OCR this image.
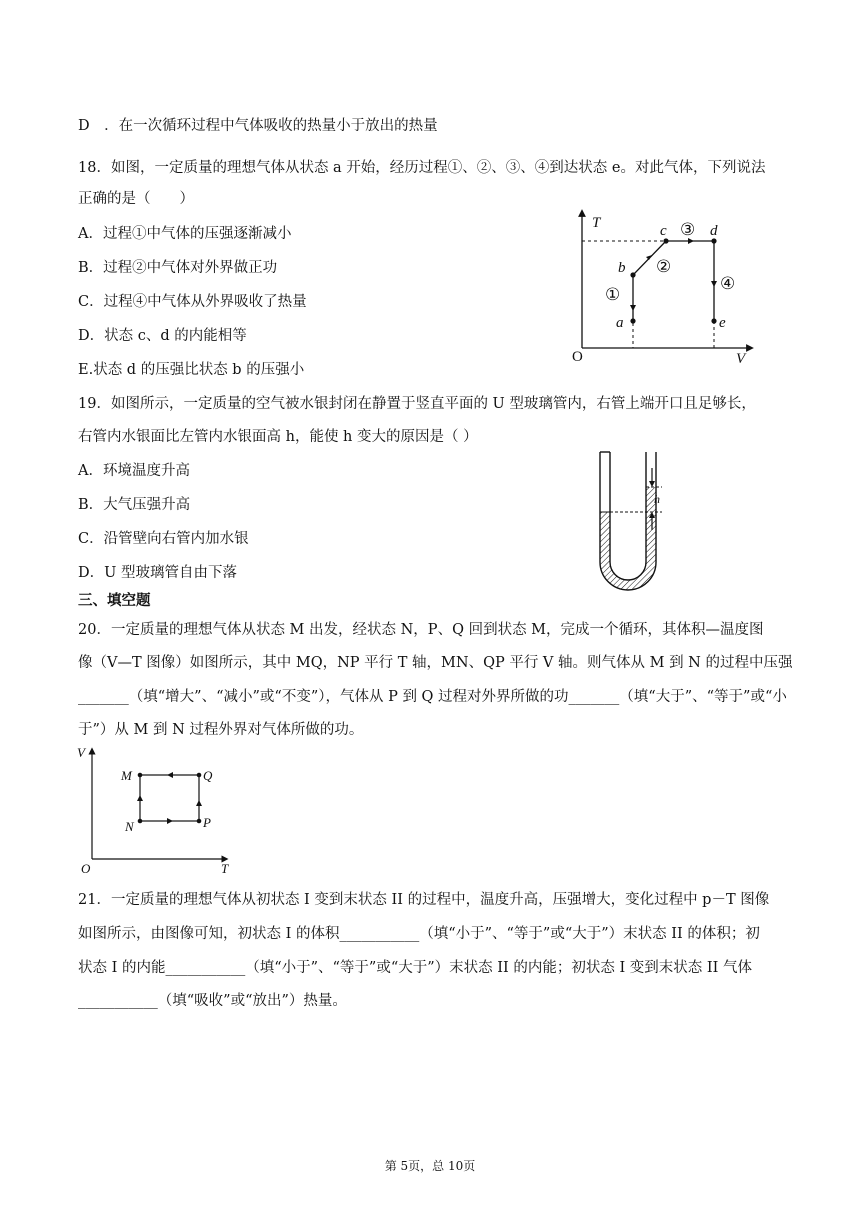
D　．在一次循环过程中气体吸收的热量小于放出的热量
18．如图，一定质量的理想气体从状态 a 开始，经历过程①、②、③、④到达状态 e。对此气体，下列说法
正确的是（　　）
A．过程①中气体的压强逐渐减小
B．过程②中气体对外界做正功
C．过程④中气体从外界吸收了热量
D．状态 c、d 的内能相等
E.状态 d 的压强比状态 b 的压强小
19．如图所示，一定质量的空气被水银封闭在静置于竖直平面的 U 型玻璃管内，右管上端开口且足够长，
右管内水银面比左管内水银面高 h，能使 h 变大的原因是（ ）
A．环境温度升高
B．大气压强升高
C．沿管壁向右管内加水银
D．U 型玻璃管自由下落
三、填空题
20．一定质量的理想气体从状态 M 出发，经状态 N，P、Q 回到状态 M，完成一个循环，其体积—温度图
像（V—T 图像）如图所示，其中 MQ，NP 平行 T 轴，MN、QP 平行 V 轴。则气体从 M 到 N 的过程中压强
_______（填“增大”、“减小”或“不变”），气体从 P 到 Q 过程对外界所做的功_______（填“大于”、“等于”或“小
于”）从 M 到 N 过程外界对气体所做的功。
21．一定质量的理想气体从初状态 I 变到末状态 II 的过程中，温度升高，压强增大，变化过程中 p－T 图像
如图所示，由图像可知，初状态 I 的体积___________（填“小于”、“等于”或“大于”）末状态 II 的体积；初
状态 I 的内能___________（填“小于”、“等于”或“大于”）末状态 II 的内能；初状态 I 变到末状态 II 气体
___________（填“吸收”或“放出”）热量。
T
V
O
a
b
c	d
e
①
②
③
④
h
V
T
O
M	Q
N	P
第 5页，总 10页
